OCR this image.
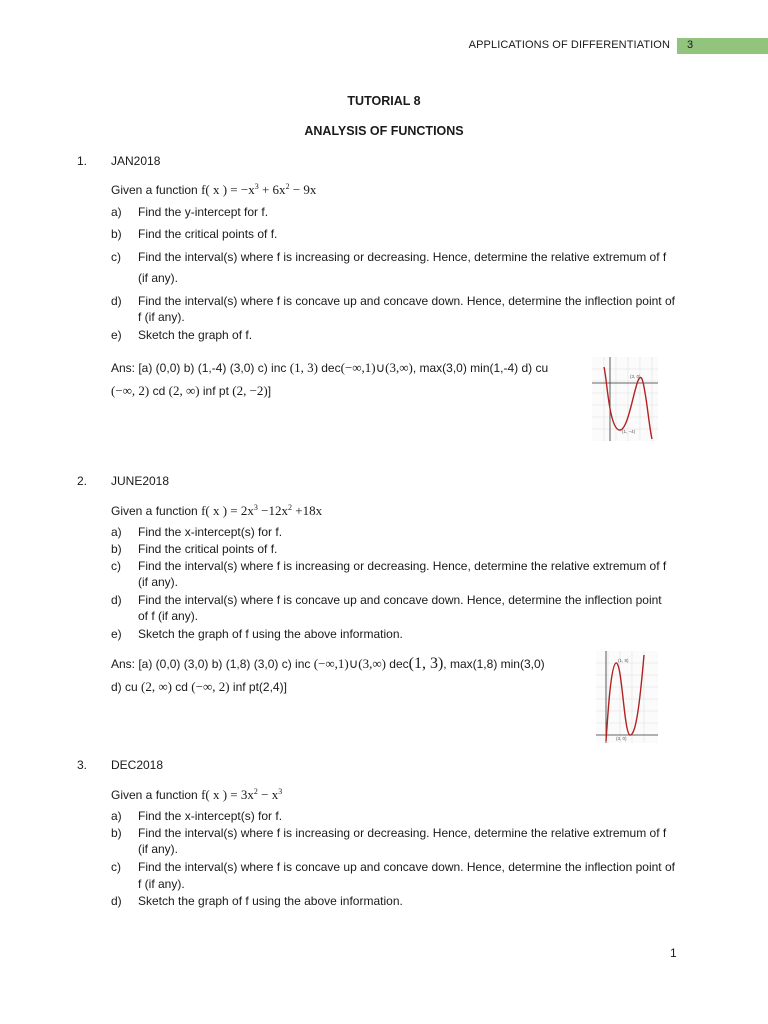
APPLICATIONS OF DIFFERENTIATION 3
TUTORIAL 8
ANALYSIS OF FUNCTIONS
1. JAN2018
Given a function f( x ) = $-x^3 + 6x^2 - 9x$
a) Find the y-intercept for f.
b) Find the critical points of f.
c) Find the interval(s) where f is increasing or decreasing. Hence, determine the relative extremum of f
(if any).
d) Find the interval(s) where f is concave up and concave down. Hence, determine the inflection point of
f (if any).
e) Sketch the graph of f.
Ans: [a) (0,0) b) (1,-4) (3,0) c) inc (1, 3) dec(−∞,1)∪(3,∞), max(3,0) min(1,-4) d) cu
(−∞, 2) cd (2, ∞) inf pt (2, −2)]
(3, 0)
(1, −4)
2. JUNE2018
Given a function f( x ) = $2x^3 -12x^2 +18x$
a) Find the x-intercept(s) for f.
b) Find the critical points of f.
c) Find the interval(s) where f is increasing or decreasing. Hence, determine the relative extremum of f
(if any).
d) Find the interval(s) where f is concave up and concave down. Hence, determine the inflection point
of f (if any).
e) Sketch the graph of f using the above information.
Ans: [a) (0,0) (3,0) b) (1,8) (3,0) c) inc (−∞,1)∪(3,∞) dec(1, 3), max(1,8) min(3,0)
d) cu (2, ∞) cd (−∞, 2) inf pt(2,4)]
(1, 8)
(3, 0)
3. DEC2018
Given a function f( x ) = $3x^2 - x^3$
a) Find the x-intercept(s) for f.
b) Find the interval(s) where f is increasing or decreasing. Hence, determine the relative extremum of f
(if any).
c) Find the interval(s) where f is concave up and concave down. Hence, determine the inflection point of
f (if any).
d) Sketch the graph of f using the above information.
1
